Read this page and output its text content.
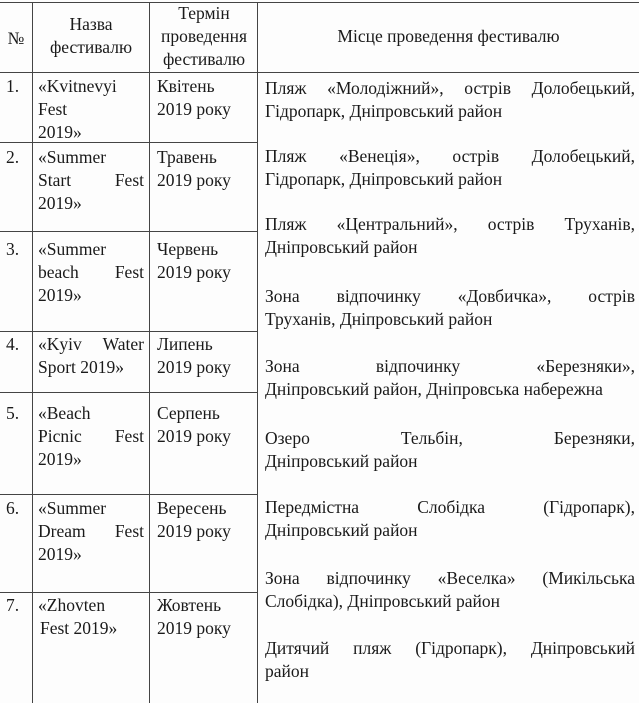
№
Назва фестивалю
Термін проведення фестивалю
Місце проведення фестивалю
1. «Kvitnevyi
Fest
2019»
Квітень
2019 року
2. «Summer
Start	Fest
2019»
Травень
2019 року
3. «Summer
beach Fest
2019»
Червень
2019 року
4. «Kyiv Water
Sport 2019»
Липень
2019 року
5. «Beach
Picnic Fest
2019»
Серпень
2019 року
6. «Summer
Dream Fest
2019»
Вересень
2019 року
7. «Zhovten
Fest 2019»
Жовтень
2019 року
Пляж «Молодіжний», острів Долобецький,
Гідропарк, Дніпровський район
Пляж «Венеція», острів Долобецький,
Гідропарк, Дніпровський район
Пляж «Центральний», острів Труханів,
Дніпровський район
Зона відпочинку «Довбичка», острів
Труханів, Дніпровський район
Зона відпочинку «Березняки»,
Дніпровський район, Дніпровська набережна
Озеро Тельбін, Березняки,
Дніпровський район
Передмістна Слобідка (Гідропарк),
Дніпровський район
Зона відпочинку «Веселка» (Микільська
Слобідка), Дніпровський район
Дитячий пляж (Гідропарк), Дніпровський
район
